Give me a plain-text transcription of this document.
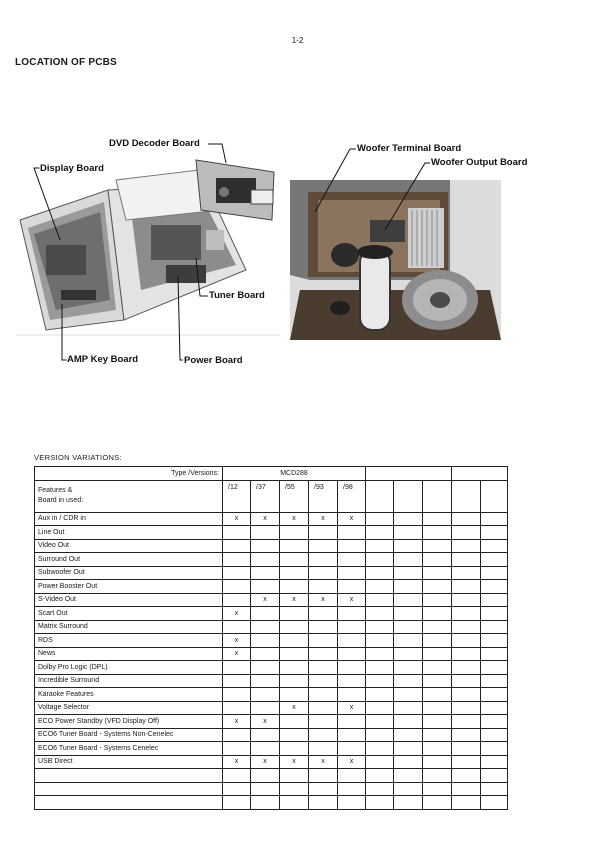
1-2
LOCATION OF PCBS
DVD Decoder Board
Display Board
Tuner Board
AMP Key Board	Power Board
Woofer Terminal Board
Woofer Output Board
VERSION VARIATIONS:
Type /Versions:	MCD288									

Features &
Board in used:	/12	/37	/55	/93	/98					
Aux in / CDR in	x	x	x	x	x					
Line Out										
Video Out										
Surround Out										
Subwoofer Out										
Power Booster Out										
S-Video Out		x	x	x	x					
Scart Out	x									
Matrix Surround										
RDS	x									
News	x									
Dolby Pro Logic (DPL)										
Incredible Surround										
Karaoke Features										
Voltage Selector			x		x					
ECO Power Standby (VFD Display Off)	x	x								
ECO6 Tuner Board - Systems Non-Cenelec										
ECO6 Tuner Board - Systems Cenelec										
USB Direct	x	x	x	x	x					
